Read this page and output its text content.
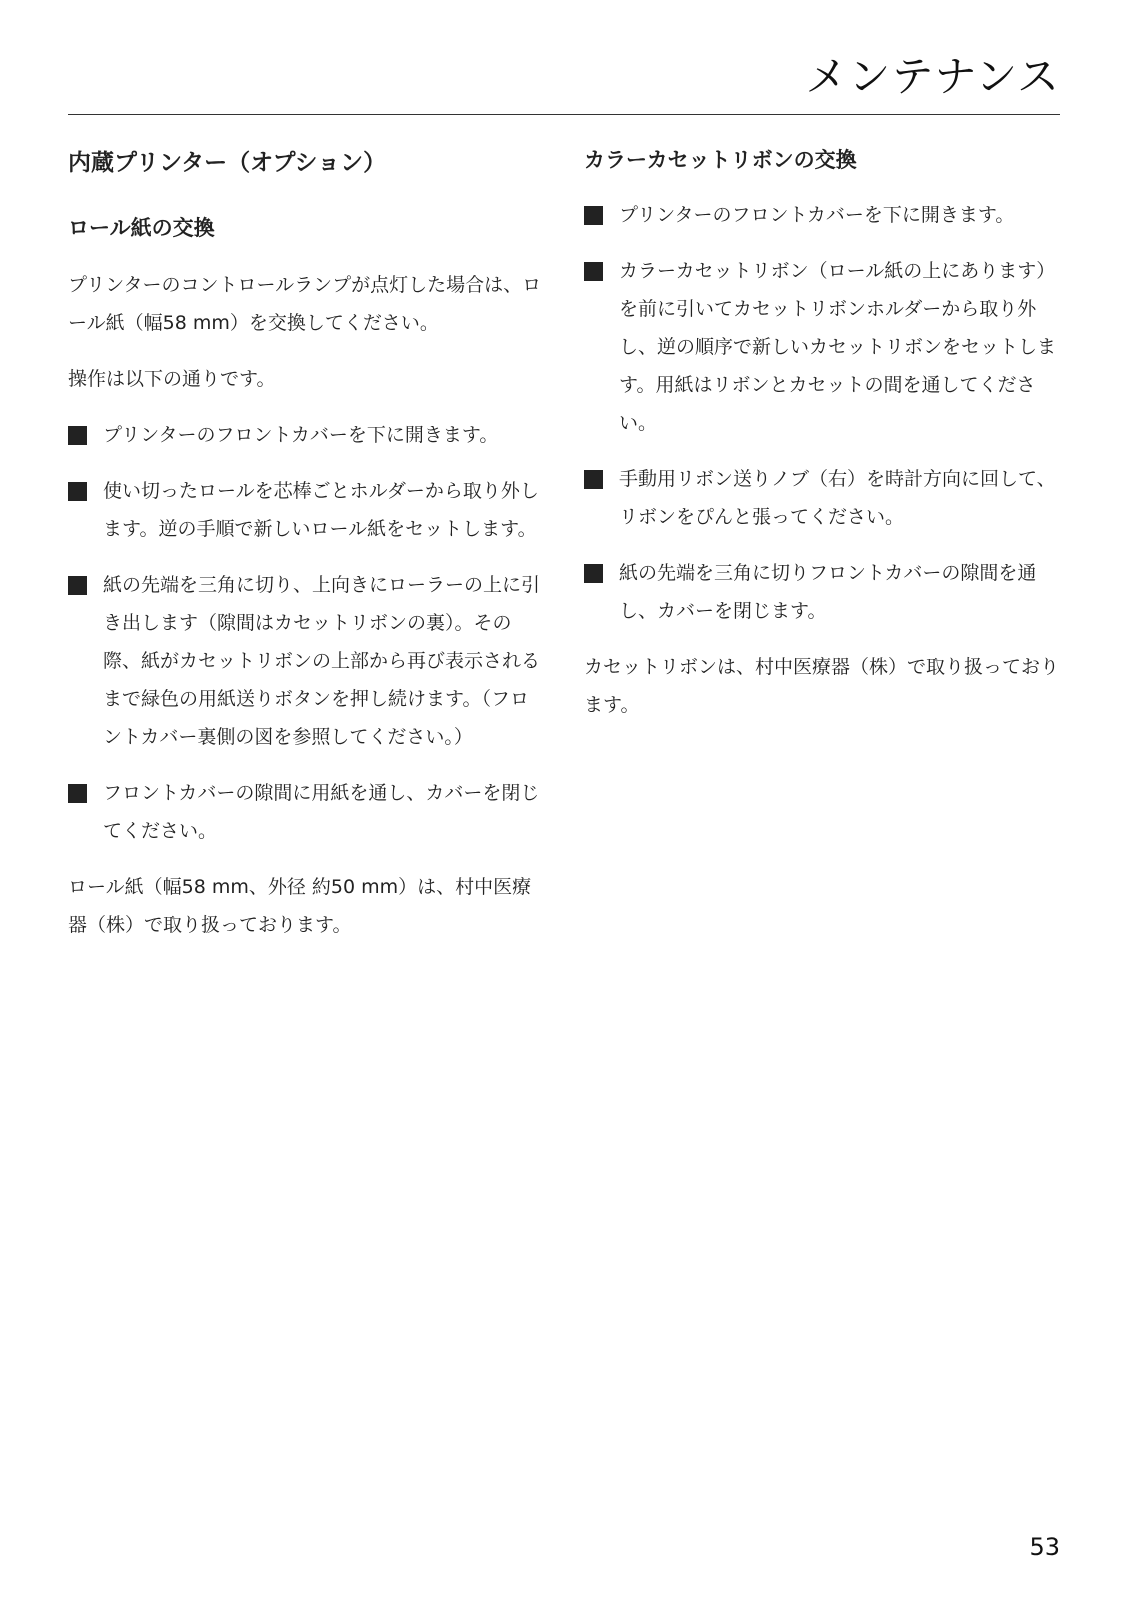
メンテナンス
内蔵プリンター（オプション）
ロール紙の交換

プリンターのコントロールランプが点灯した場合は、ロール紙（幅58 mm）を交換してください。

操作は以下の通りです。

プリンターのフロントカバーを下に開きます。
使い切ったロールを芯棒ごとホルダーから取り外します。逆の手順で新しいロール紙をセットします。
紙の先端を三角に切り、上向きにローラーの上に引き出します（隙間はカセットリボンの裏）。その際、紙がカセットリボンの上部から再び表示されるまで緑色の用紙送りボタンを押し続けます。（フロントカバー裏側の図を参照してください。）
フロントカバーの隙間に用紙を通し、カバーを閉じてください。

ロール紙（幅58 mm、外径 約50 mm）は、村中医療器（株）で取り扱っております。

カラーカセットリボンの交換
プリンターのフロントカバーを下に開きます。
カラーカセットリボン（ロール紙の上にあります）を前に引いてカセットリボンホルダーから取り外し、逆の順序で新しいカセットリボンをセットします。用紙はリボンとカセットの間を通してください。
手動用リボン送りノブ（右）を時計方向に回して、リボンをぴんと張ってください。
紙の先端を三角に切りフロントカバーの隙間を通し、カバーを閉じます。

カセットリボンは、村中医療器（株）で取り扱っております。

53
